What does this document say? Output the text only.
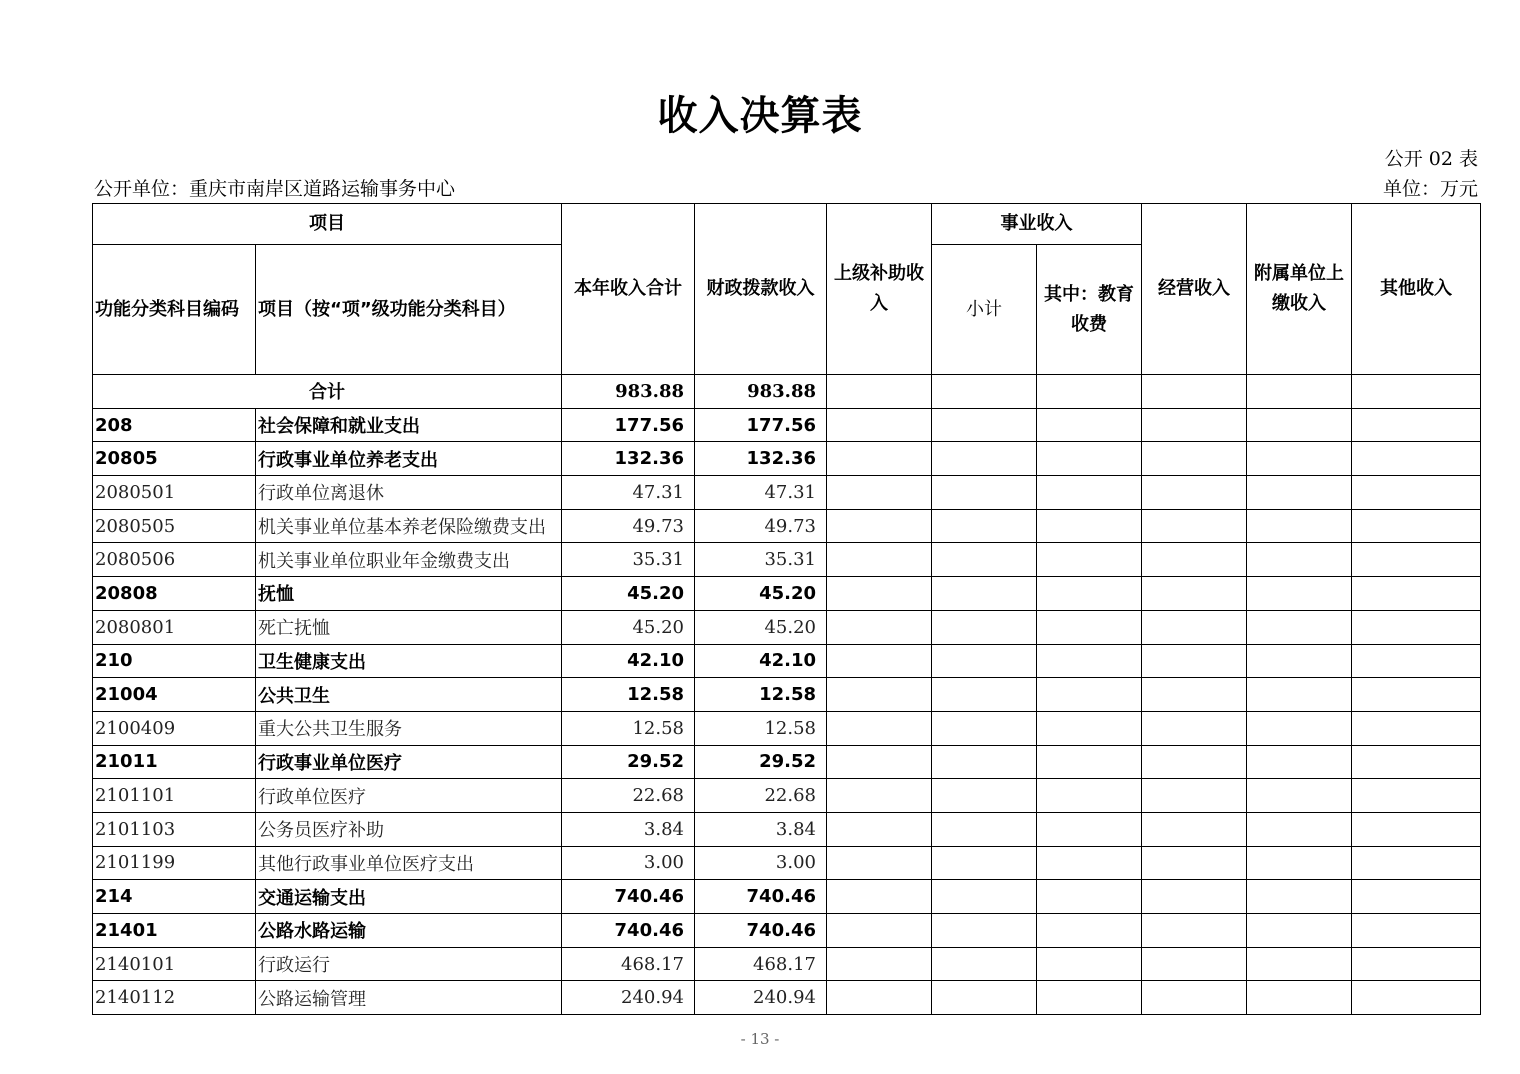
收入决算表
公开 02 表
公开单位：重庆市南岸区道路运输事务中心	单位：万元
项目		本年收入合计	财政拨款收入	上级补助收入	事业收入		经营收入	附属单位上缴收入	其他收入
功能分类科目编码	项目（按“项”级功能分类科目）				小计	其中：教育收费			
合计		983.88	983.88						
208	社会保障和就业支出	177.56	177.56						
20805	行政事业单位养老支出	132.36	132.36						
2080501	行政单位离退休	47.31	47.31						
2080505	机关事业单位基本养老保险缴费支出	49.73	49.73						
2080506	机关事业单位职业年金缴费支出	35.31	35.31						
20808	抚恤	45.20	45.20						
2080801	死亡抚恤	45.20	45.20						
210	卫生健康支出	42.10	42.10						
21004	公共卫生	12.58	12.58						
2100409	重大公共卫生服务	12.58	12.58						
21011	行政事业单位医疗	29.52	29.52						
2101101	行政单位医疗	22.68	22.68						
2101103	公务员医疗补助	3.84	3.84						
2101199	其他行政事业单位医疗支出	3.00	3.00						
214	交通运输支出	740.46	740.46						
21401	公路水路运输	740.46	740.46						
2140101	行政运行	468.17	468.17						
2140112	公路运输管理	240.94	240.94						
- 13 -
